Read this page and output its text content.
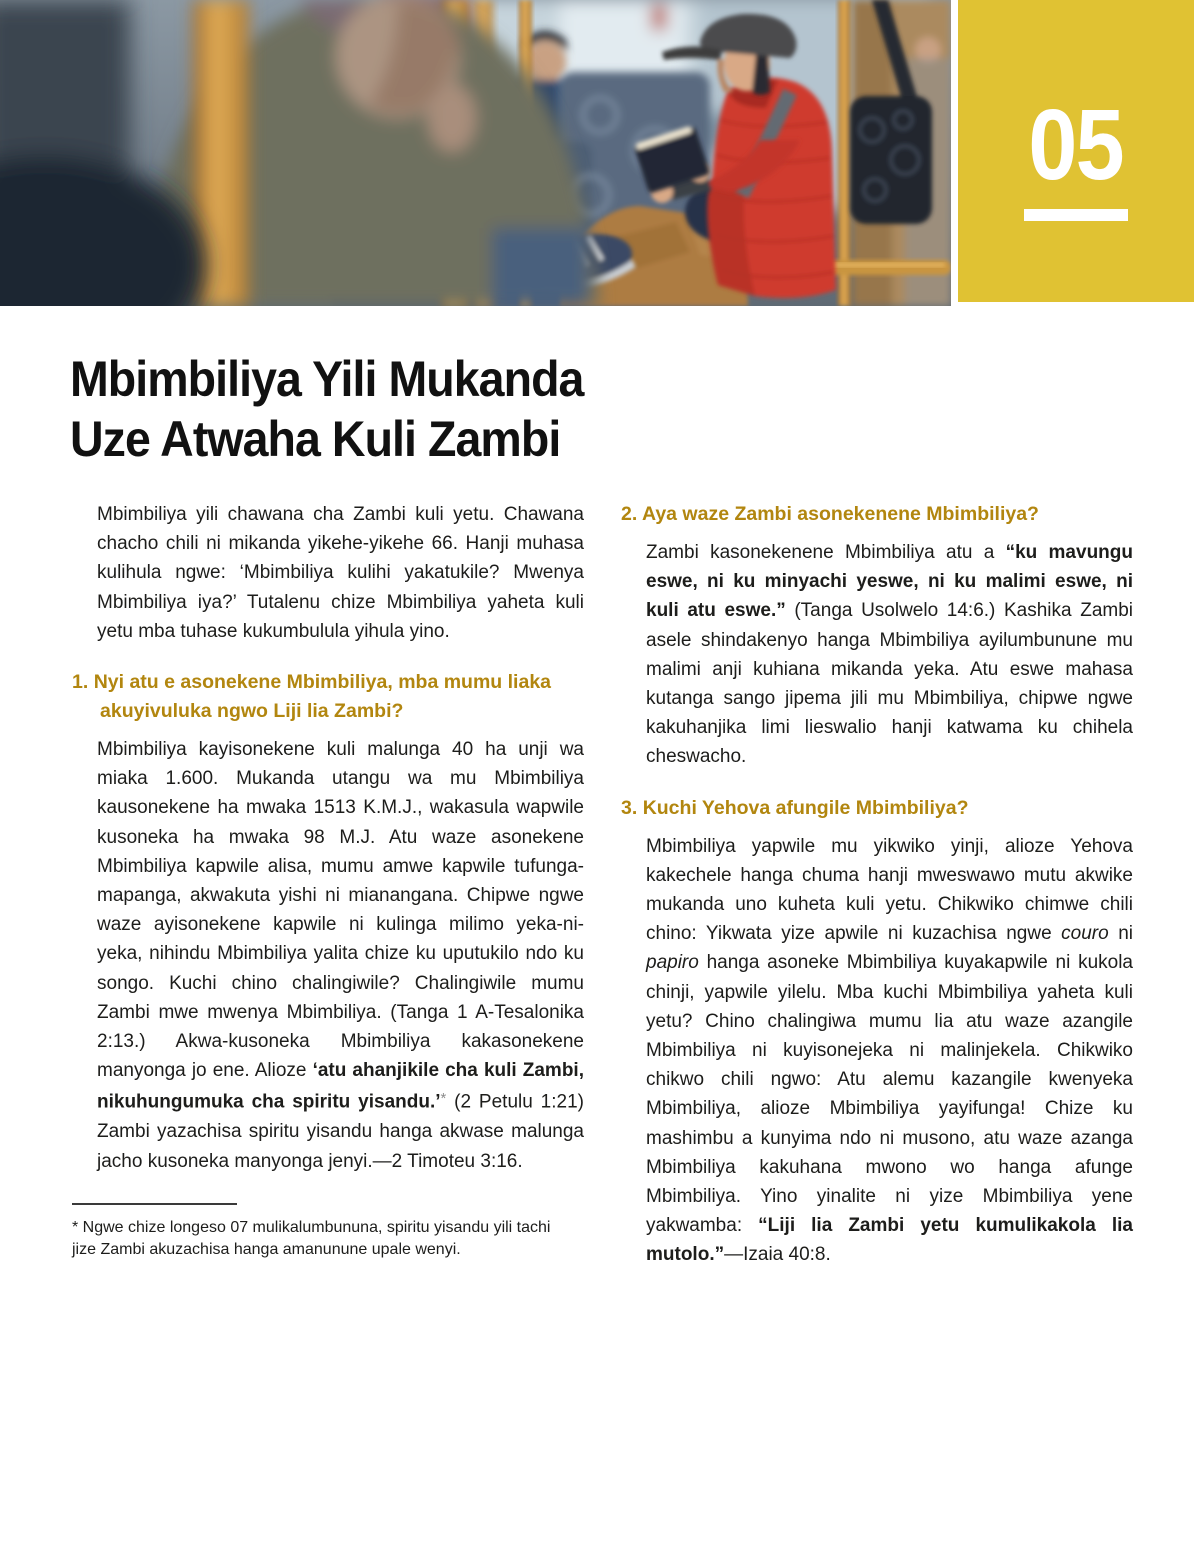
05
Mbimbiliya Yili Mukanda
Uze Atwaha Kuli Zambi

Mbimbiliya yili chawana cha Zambi kuli yetu. Chawana chacho chili ni mikanda yikehe-yikehe 66. Hanji muhasa kulihula ngwe: ‘Mbimbiliya kulihi yakatukile? Mwenya Mbimbiliya iya?’ Tutalenu chize Mbimbiliya yaheta kuli yetu mba tuhase kukumbulula yihula yino.

1. Nyi atu e asonekene Mbimbiliya, mba mumu liaka akuyivuluka ngwo Liji lia Zambi?

Mbimbiliya kayisonekene kuli malunga 40 ha unji wa miaka 1.600. Mukanda utangu wa mu Mbimbiliya kausonekene ha mwaka 1513 K.M.J., wakasula wapwile kusoneka ha mwaka 98 M.J. Atu waze asonekene Mbimbiliya kapwile alisa, mumu amwe kapwile tufunga-mapanga, akwakuta yishi ni mianangana. Chipwe ngwe waze ayisonekene kapwile ni kulinga milimo yeka-ni-yeka, nihindu Mbimbiliya yalita chize ku uputukilo ndo ku songo. Kuchi chino chalingiwile? Chalingiwile mumu Zambi mwe mwenya Mbimbiliya. (Tanga 1 A-Tesalonika 2:13.) Akwa-kusoneka Mbimbiliya kakasonekene manyonga jo ene. Alioze ‘atu ahanjikile cha kuli Zambi, nikuhungumuka cha spiritu yisandu.’* (2 Petulu 1:21) Zambi yazachisa spiritu yisandu hanga akwase malunga jacho kusoneka manyonga jenyi.—2 Timoteu 3:16.

* Ngwe chize longeso 07 mulikalumbununa, spiritu yisandu yili tachi jize Zambi akuzachisa hanga amanunune upale wenyi.

2. Aya waze Zambi asonekenene Mbimbiliya?

Zambi kasonekenene Mbimbiliya atu a “ku mavungu eswe, ni ku minyachi yeswe, ni ku malimi eswe, ni kuli atu eswe.” (Tanga Usolwelo 14:6.) Kashika Zambi asele shindakenyo hanga Mbimbiliya ayilumbunune mu malimi anji kuhiana mikanda yeka. Atu eswe mahasa kutanga sango jipema jili mu Mbimbiliya, chipwe ngwe kakuhanjika limi lieswalio hanji katwama ku chihela cheswacho.

3. Kuchi Yehova afungile Mbimbiliya?

Mbimbiliya yapwile mu yikwiko yinji, alioze Yehova kakechele hanga chuma hanji mweswawo mutu akwike mukanda uno kuheta kuli yetu. Chikwiko chimwe chili chino: Yikwata yize apwile ni kuzachisa ngwe couro ni papiro hanga asoneke Mbimbiliya kuyakapwile ni kukola chinji, yapwile yilelu. Mba kuchi Mbimbiliya yaheta kuli yetu? Chino chalingiwa mumu lia atu waze azangile Mbimbiliya ni kuyisonejeka ni malinjekela. Chikwiko chikwo chili ngwo: Atu alemu kazangile kwenyeka Mbimbiliya, alioze Mbimbiliya yayifunga! Chize ku mashimbu a kunyima ndo ni musono, atu waze azanga Mbimbiliya kakuhana mwono wo hanga afunge Mbimbiliya. Yino yinalite ni yize Mbimbiliya yene yakwamba: “Liji lia Zambi yetu kumulikakola lia mutolo.”—Izaia 40:8.
